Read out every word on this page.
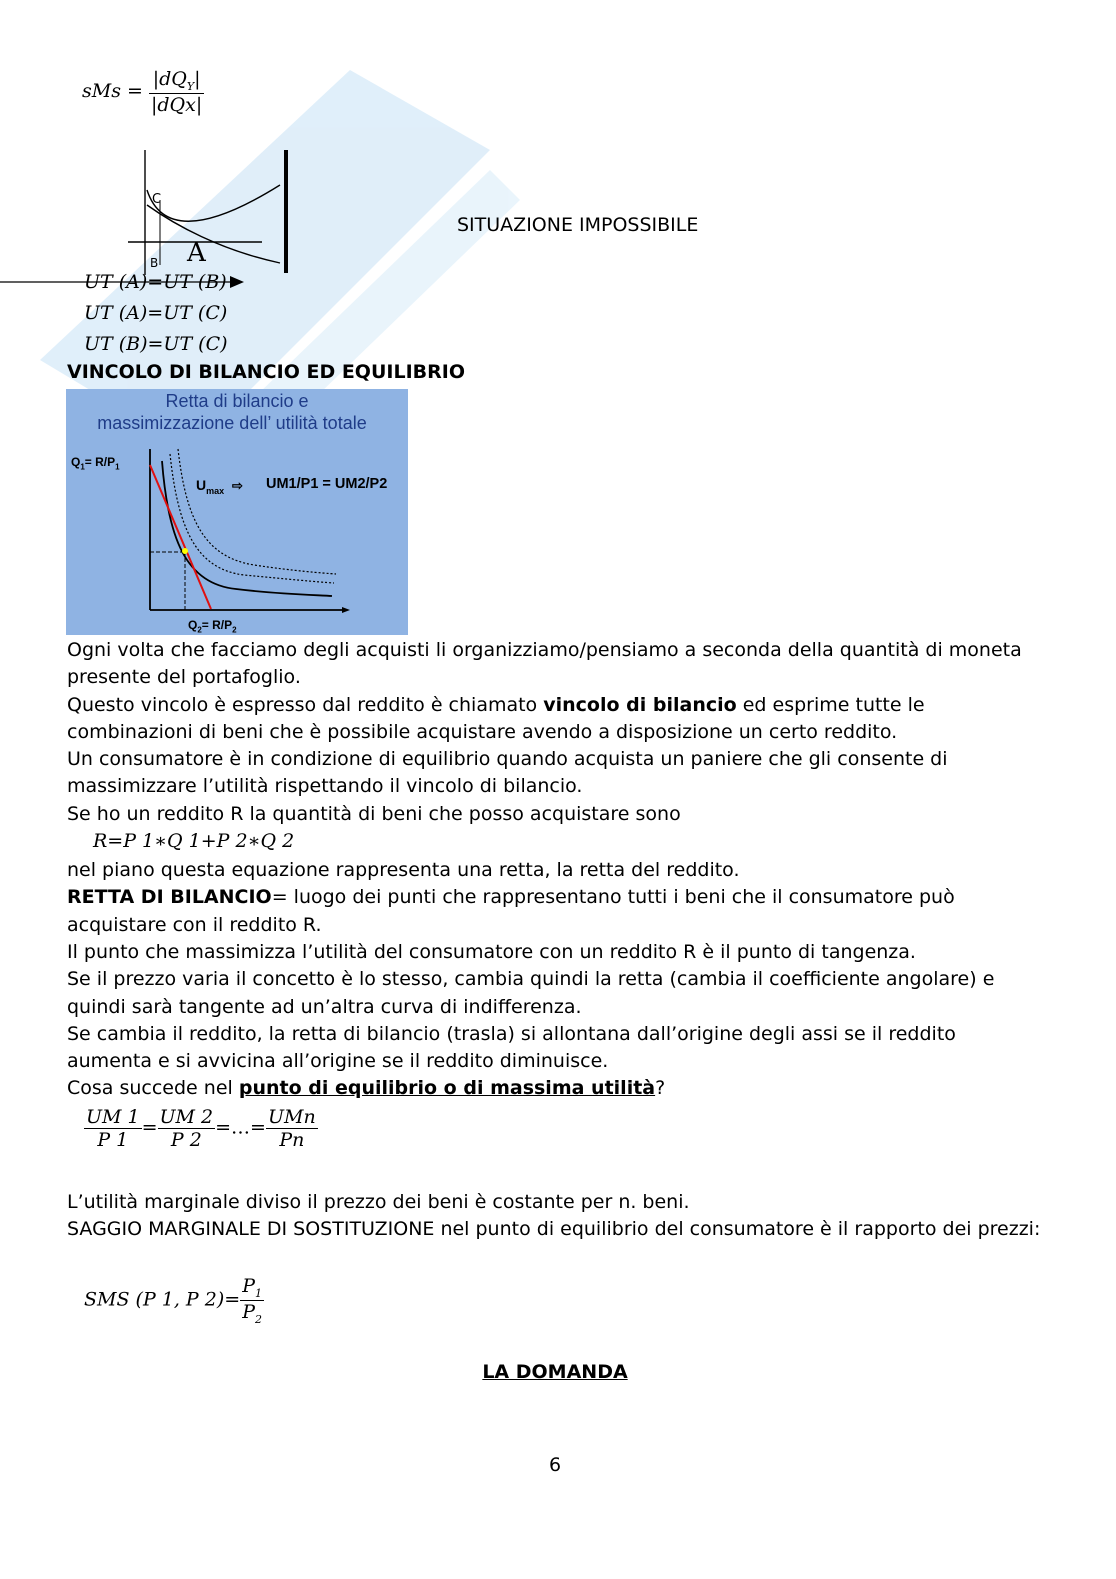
sMs = $\frac{|dQ_Y|}{\text{|dQx|}}$
A
C
B
SITUAZIONE IMPOSSIBILE
UT (A)=UT (B)
UT (A)=UT (C)
UT (B)=UT (C)
VINCOLO DI BILANCIO ED EQUILIBRIO
Retta di bilancio e
massimizzazione dell’ utilità totale
$Q_1= R/P_1$
$U_{max}$ ⇨ UM1/P1 = UM2/P2
$Q_2= R/P_2$
Ogni volta che facciamo degli acquisti li organizziamo/pensiamo a seconda della quantità di moneta presente del portafoglio.
Questo vincolo è espresso dal reddito è chiamato vincolo di bilancio ed esprime tutte le combinazioni di beni che è possibile acquistare avendo a disposizione un certo reddito.
Un consumatore è in condizione di equilibrio quando acquista un paniere che gli consente di massimizzare l’utilità rispettando il vincolo di bilancio.
Se ho un reddito R la quantità di beni che posso acquistare sono
R=P 1∗Q 1+P 2∗Q 2
nel piano questa equazione rappresenta una retta, la retta del reddito.
RETTA DI BILANCIO= luogo dei punti che rappresentano tutti i beni che il consumatore può acquistare con il reddito R.
Il punto che massimizza l’utilità del consumatore con un reddito R è il punto di tangenza.
Se il prezzo varia il concetto è lo stesso, cambia quindi la retta (cambia il coefficiente angolare) e quindi sarà tangente ad un’altra curva di indifferenza.
Se cambia il reddito, la retta di bilancio (trasla) si allontana dall’origine degli assi se il reddito aumenta e si avvicina all’origine se il reddito diminuisce.
Cosa succede nel punto di equilibrio o di massima utilità?
$\frac{UM 1}{P 1} = \frac{UM 2}{P 2}$ =…= $\frac{\text{UMn}}{Pn}$
L’utilità marginale diviso il prezzo dei beni è costante per n. beni.
SAGGIO MARGINALE DI SOSTITUZIONE nel punto di equilibrio del consumatore è il rapporto dei prezzi:
SMS (P 1, P $2)= \frac{P_1}{P_2}$
LA DOMANDA
6
